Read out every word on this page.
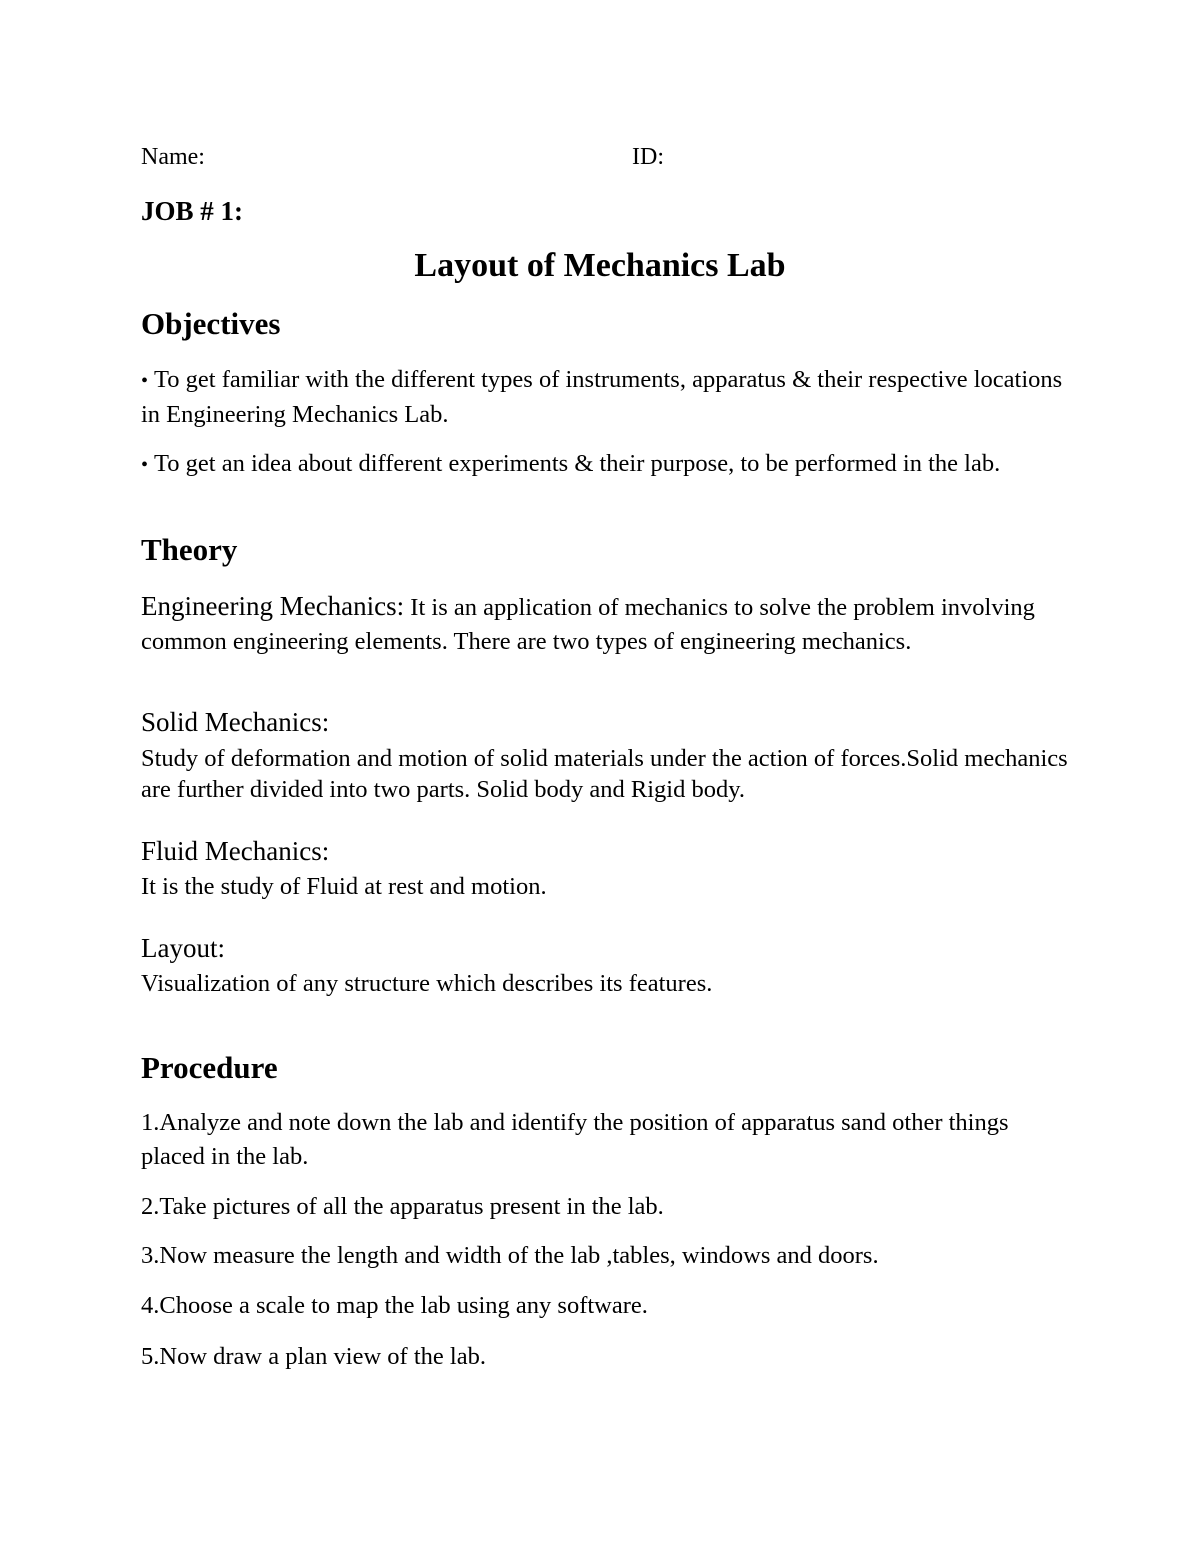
Name:	ID:
JOB # 1:
Layout of Mechanics Lab
Objectives
• To get familiar with the different types of instruments, apparatus & their respective locations in Engineering Mechanics Lab.
• To get an idea about different experiments & their purpose, to be performed in the lab.
Theory
Engineering Mechanics: It is an application of mechanics to solve the problem involving common engineering elements. There are two types of engineering mechanics.
Solid Mechanics:
Study of deformation and motion of solid materials under the action of forces.Solid mechanics are further divided into two parts. Solid body and Rigid body.
Fluid Mechanics:
It is the study of Fluid at rest and motion.
Layout:
Visualization of any structure which describes its features.
Procedure
1.Analyze and note down the lab and identify the position of apparatus sand other things placed in the lab.
2.Take pictures of all the apparatus present in the lab.
3.Now measure the length and width of the lab ,tables, windows and doors.
4.Choose a scale to map the lab using any software.
5.Now draw a plan view of the lab.
